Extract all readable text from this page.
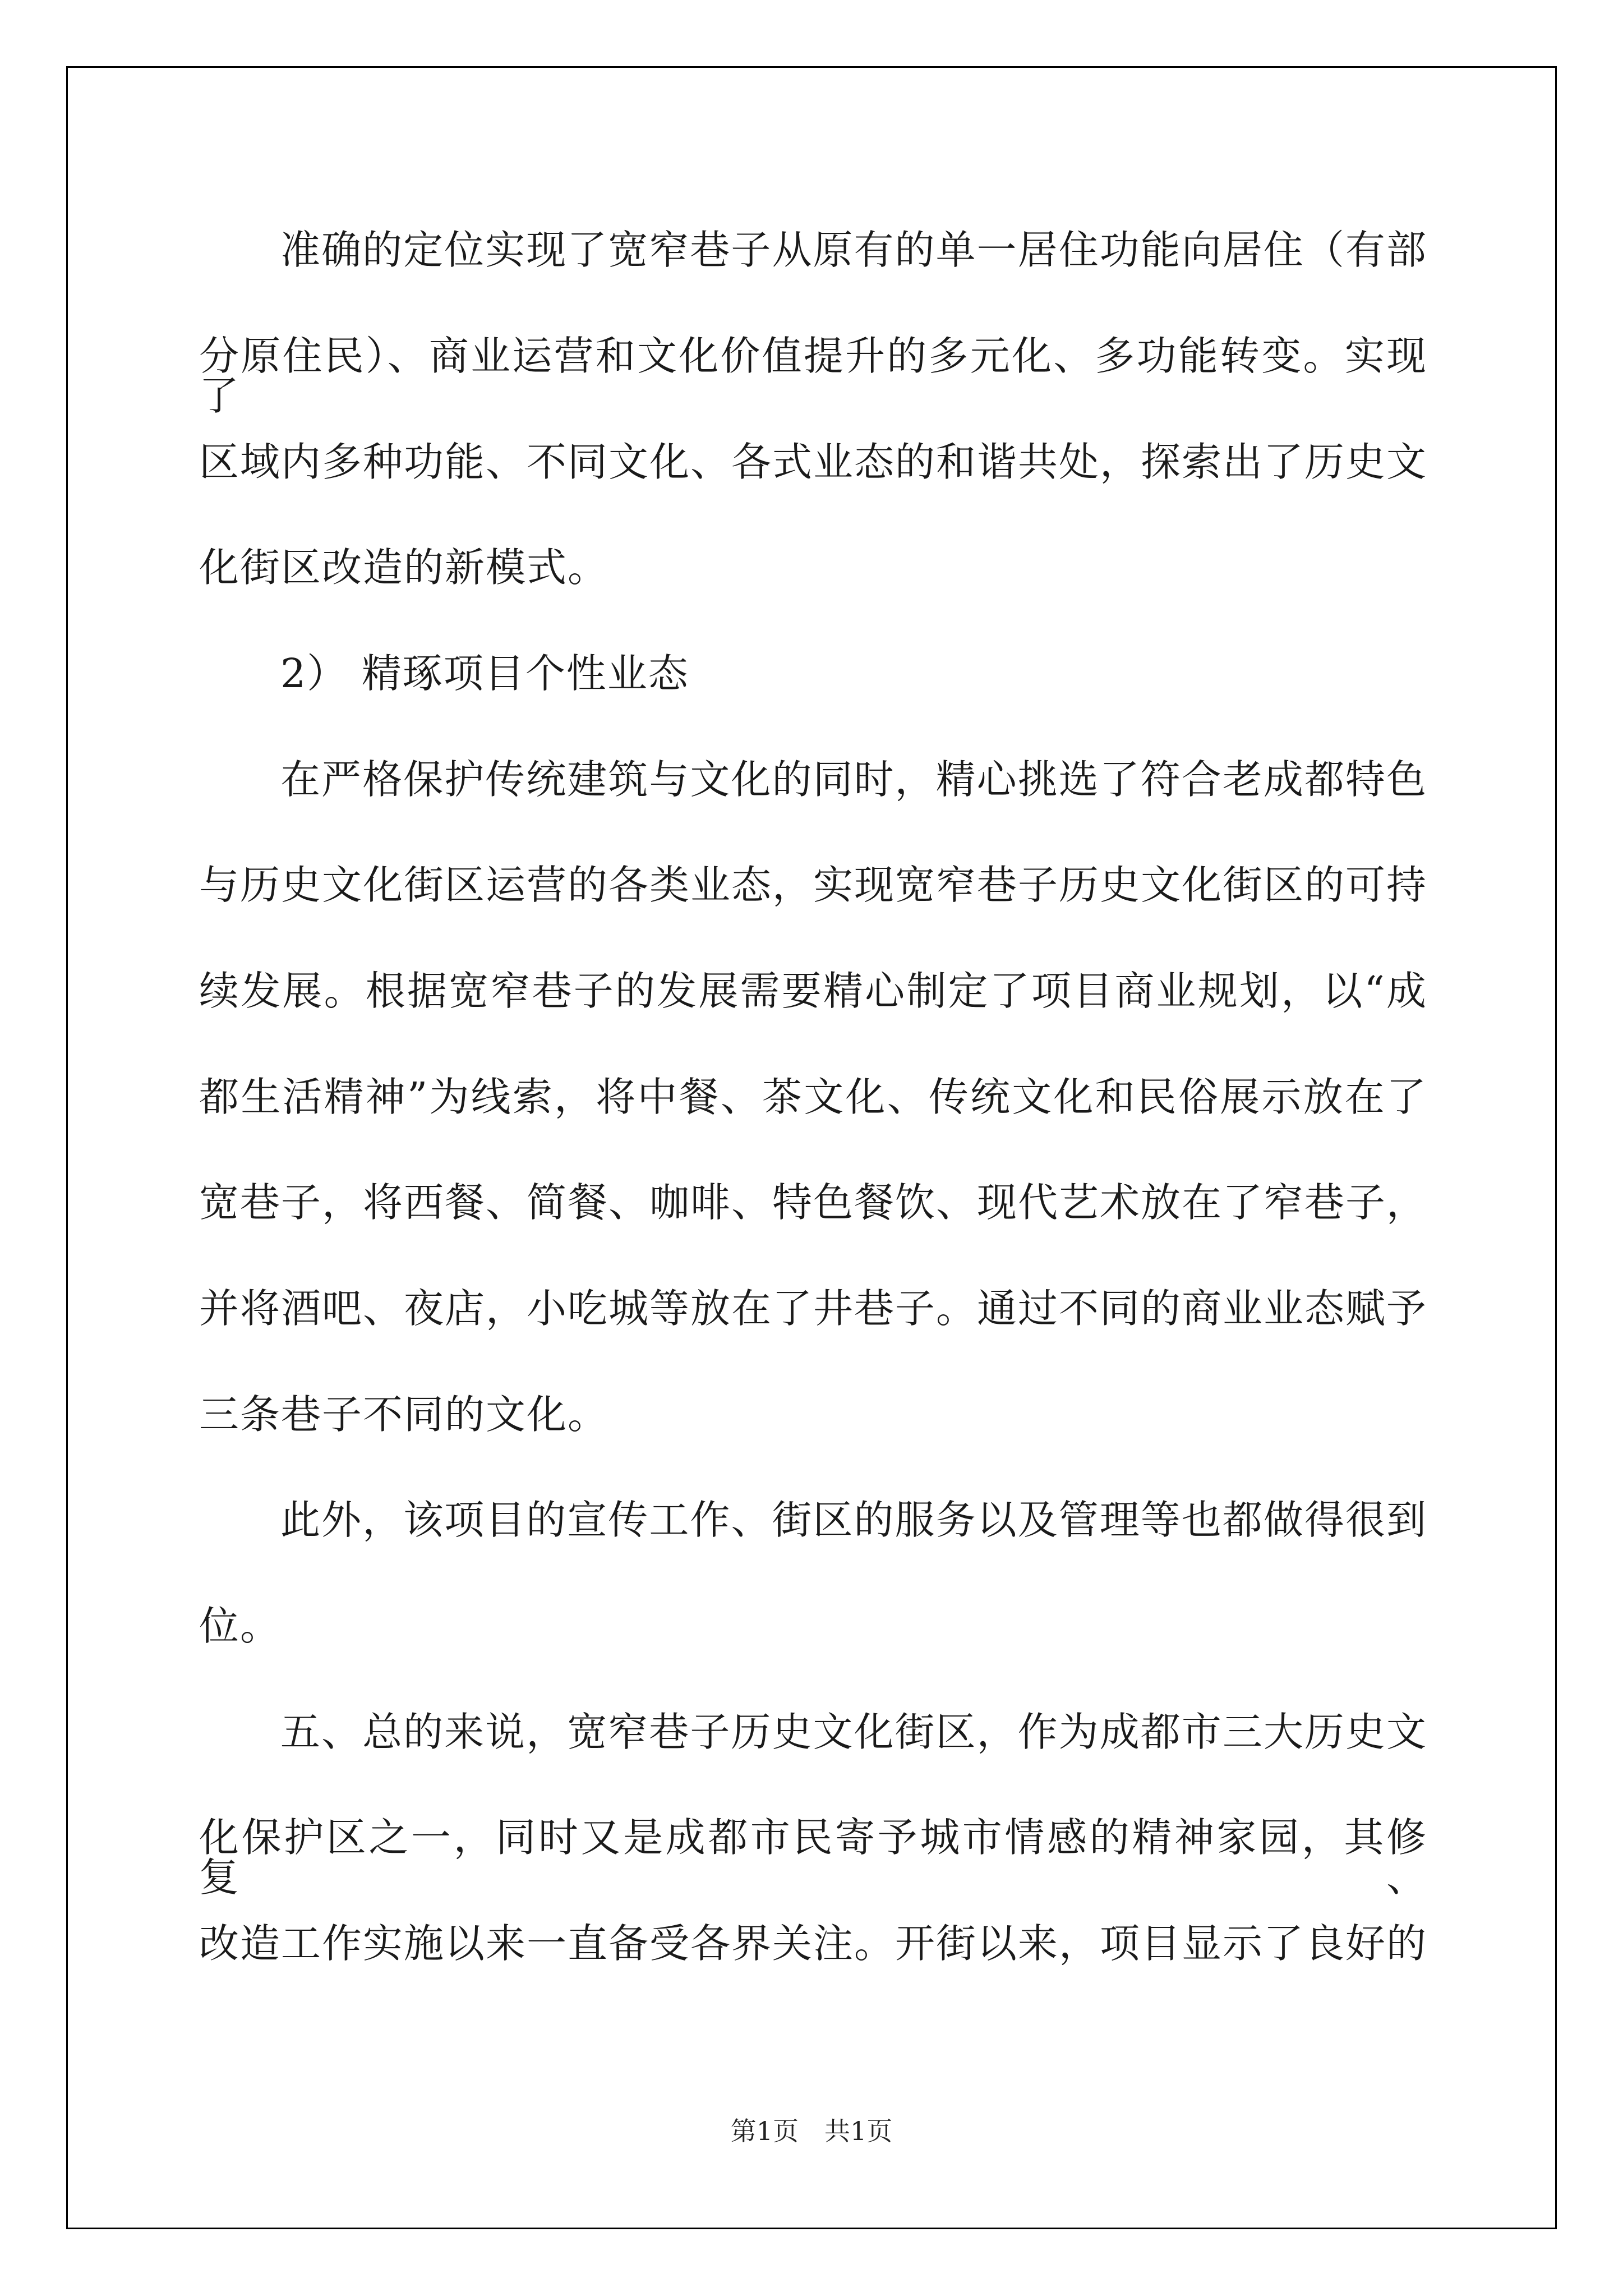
准确的定位实现了宽窄巷子从原有的单一居住功能向居住（有部
分原住民）、商业运营和文化价值提升的多元化、多功能转变。实现了
区域内多种功能、不同文化、各式业态的和谐共处，探索出了历史文
化街区改造的新模式。
2） 精琢项目个性业态
在严格保护传统建筑与文化的同时，精心挑选了符合老成都特色
与历史文化街区运营的各类业态，实现宽窄巷子历史文化街区的可持
续发展。根据宽窄巷子的发展需要精心制定了项目商业规划，以“成
都生活精神”为线索，将中餐、茶文化、传统文化和民俗展示放在了
宽巷子，将西餐、简餐、咖啡、特色餐饮、现代艺术放在了窄巷子，
并将酒吧、夜店，小吃城等放在了井巷子。通过不同的商业业态赋予
三条巷子不同的文化。
此外，该项目的宣传工作、街区的服务以及管理等也都做得很到
位。
五、总的来说，宽窄巷子历史文化街区，作为成都市三大历史文
化保护区之一，同时又是成都市民寄予城市情感的精神家园，其修复、
改造工作实施以来一直备受各界关注。开街以来，项目显示了良好的
第1页　共1页
